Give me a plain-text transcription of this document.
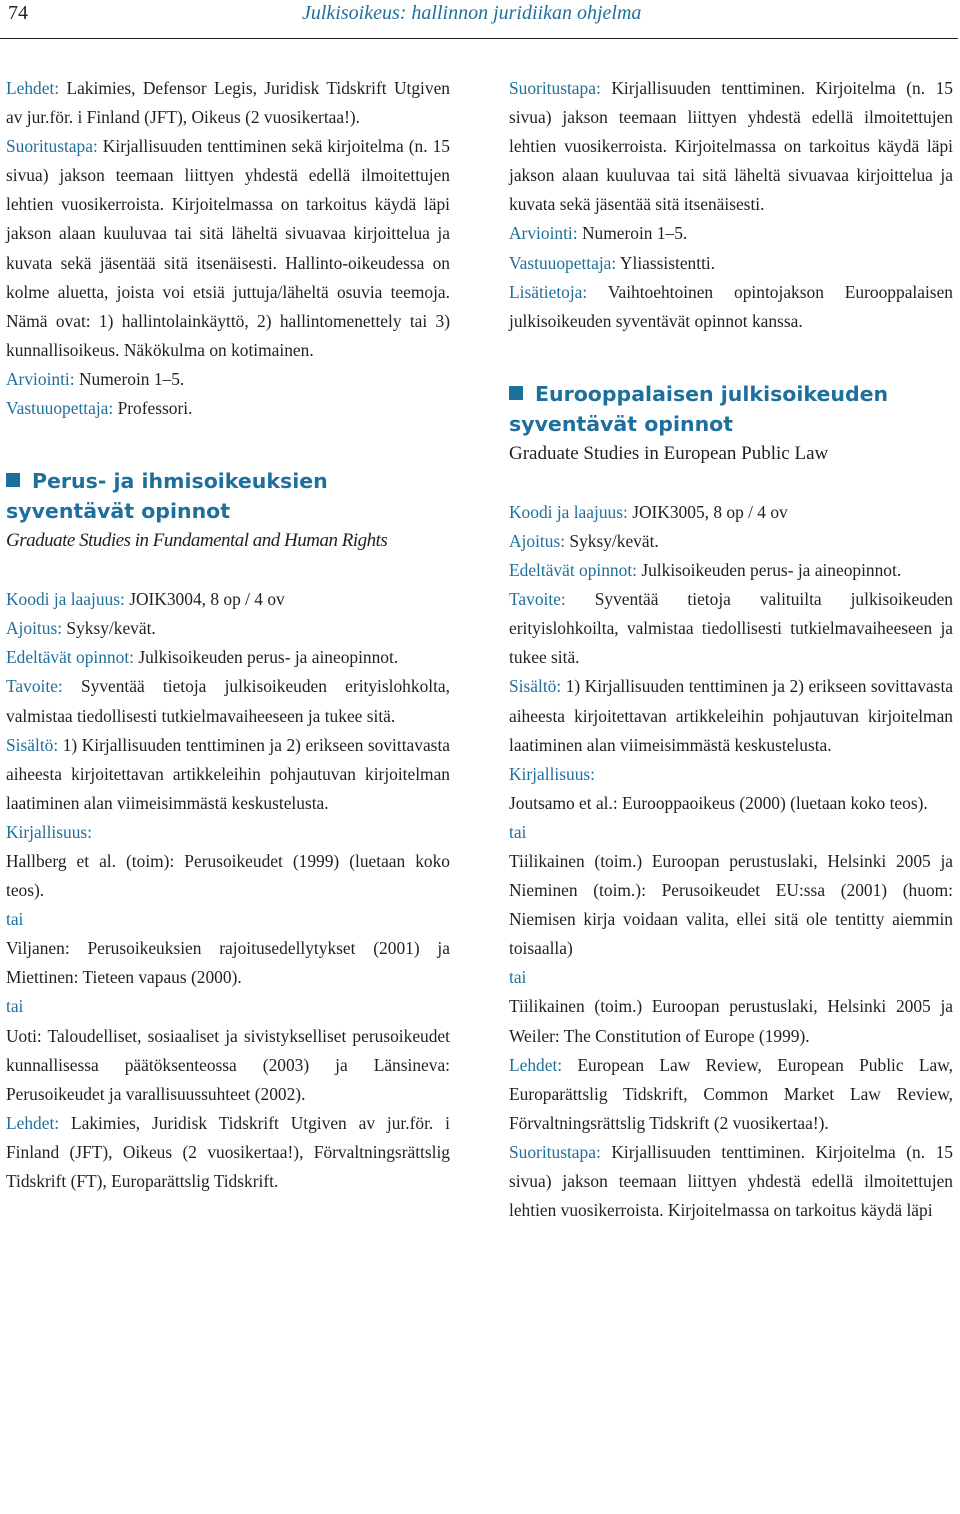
74	Julkisoikeus: hallinnon juridiikan ohjelma

Lehdet: Lakimies, Defensor Legis, Juridisk Tidskrift Utgiven av jur.för. i Finland (JFT), Oikeus (2 vuosikertaa!).

Suoritustapa: Kirjallisuuden tenttiminen sekä kirjoitelma (n. 15 sivua) jakson teemaan liittyen yhdestä edellä ilmoitettujen lehtien vuosikerroista. Kirjoitelmassa on tarkoitus käydä läpi jakson alaan kuuluvaa tai sitä läheltä sivuavaa kirjoittelua ja kuvata sekä jäsentää sitä itsenäisesti. Hallinto-oikeudessa on kolme aluetta, joista voi etsiä juttuja/läheltä osuvia teemoja. Nämä ovat: 1) hallintolainkäyttö, 2) hallintomenettely tai 3) kunnallisoikeus. Näkökulma on kotimainen.

Arviointi: Numeroin 1–5.

Vastuuopettaja: Professori.

Perus- ja ihmisoikeuksien

syventävät opinnot

Graduate Studies in Fundamental and Human Rights

Koodi ja laajuus: JOIK3004, 8 op / 4 ov

Ajoitus: Syksy/kevät.

Edeltävät opinnot: Julkisoikeuden perus- ja aineopinnot.

Tavoite: Syventää tietoja julkisoikeuden erityislohkolta, valmistaa tiedollisesti tutkielmavaiheeseen ja tukee sitä.

Sisältö: 1) Kirjallisuuden tenttiminen ja 2) erikseen sovittavasta aiheesta kirjoitettavan artikkeleihin pohjautuvan kirjoitelman laatiminen alan viimeisimmästä keskustelusta.

Kirjallisuus:

Hallberg et al. (toim): Perusoikeudet (1999) (luetaan koko teos).

tai

Viljanen: Perusoikeuksien rajoitusedellytykset (2001) ja Miettinen: Tieteen vapaus (2000).

tai

Uoti: Taloudelliset, sosiaaliset ja sivistykselliset perusoikeudet kunnallisessa päätöksenteossa (2003) ja Länsineva: Perusoikeudet ja varallisuussuhteet (2002).

Lehdet: Lakimies, Juridisk Tidskrift Utgiven av jur.för. i Finland (JFT), Oikeus (2 vuosikertaa!), Förvaltningsrättslig Tidskrift (FT), Europarättslig Tidskrift.

Suoritustapa: Kirjallisuuden tenttiminen. Kirjoitelma (n. 15 sivua) jakson teemaan liittyen yhdestä edellä ilmoitettujen lehtien vuosikerroista. Kirjoitelmassa on tarkoitus käydä läpi jakson alaan kuuluvaa tai sitä läheltä sivuavaa kirjoittelua ja kuvata sekä jäsentää sitä itsenäisesti.

Arviointi: Numeroin 1–5.

Vastuuopettaja: Yliassistentti.

Lisätietoja: Vaihtoehtoinen opintojakson Eurooppalaisen julkisoikeuden syventävät opinnot kanssa.

Eurooppalaisen julkisoikeuden

syventävät opinnot

Graduate Studies in European Public Law

Koodi ja laajuus: JOIK3005, 8 op / 4 ov

Ajoitus: Syksy/kevät.

Edeltävät opinnot: Julkisoikeuden perus- ja aineopinnot.

Tavoite: Syventää tietoja valituilta julkisoikeuden erityislohkoilta, valmistaa tiedollisesti tutkielmavaiheeseen ja tukee sitä.

Sisältö: 1) Kirjallisuuden tenttiminen ja 2) erikseen sovittavasta aiheesta kirjoitettavan artikkeleihin pohjautuvan kirjoitelman laatiminen alan viimeisimmästä keskustelusta.

Kirjallisuus:

Joutsamo et al.: Eurooppaoikeus (2000) (luetaan koko teos).

tai

Tiilikainen (toim.) Euroopan perustuslaki, Helsinki 2005 ja Nieminen (toim.): Perusoikeudet EU:ssa (2001) (huom: Niemisen kirja voidaan valita, ellei sitä ole tentitty aiemmin toisaalla)

tai

Tiilikainen (toim.) Euroopan perustuslaki, Helsinki 2005 ja Weiler: The Constitution of Europe (1999).

Lehdet: European Law Review, European Public Law, Europarättslig Tidskrift, Common Market Law Review, Förvaltningsrättslig Tidskrift (2 vuosikertaa!).

Suoritustapa: Kirjallisuuden tenttiminen. Kirjoitelma (n. 15 sivua) jakson teemaan liittyen yhdestä edellä ilmoitettujen lehtien vuosikerroista. Kirjoitelmassa on tarkoitus käydä läpi
